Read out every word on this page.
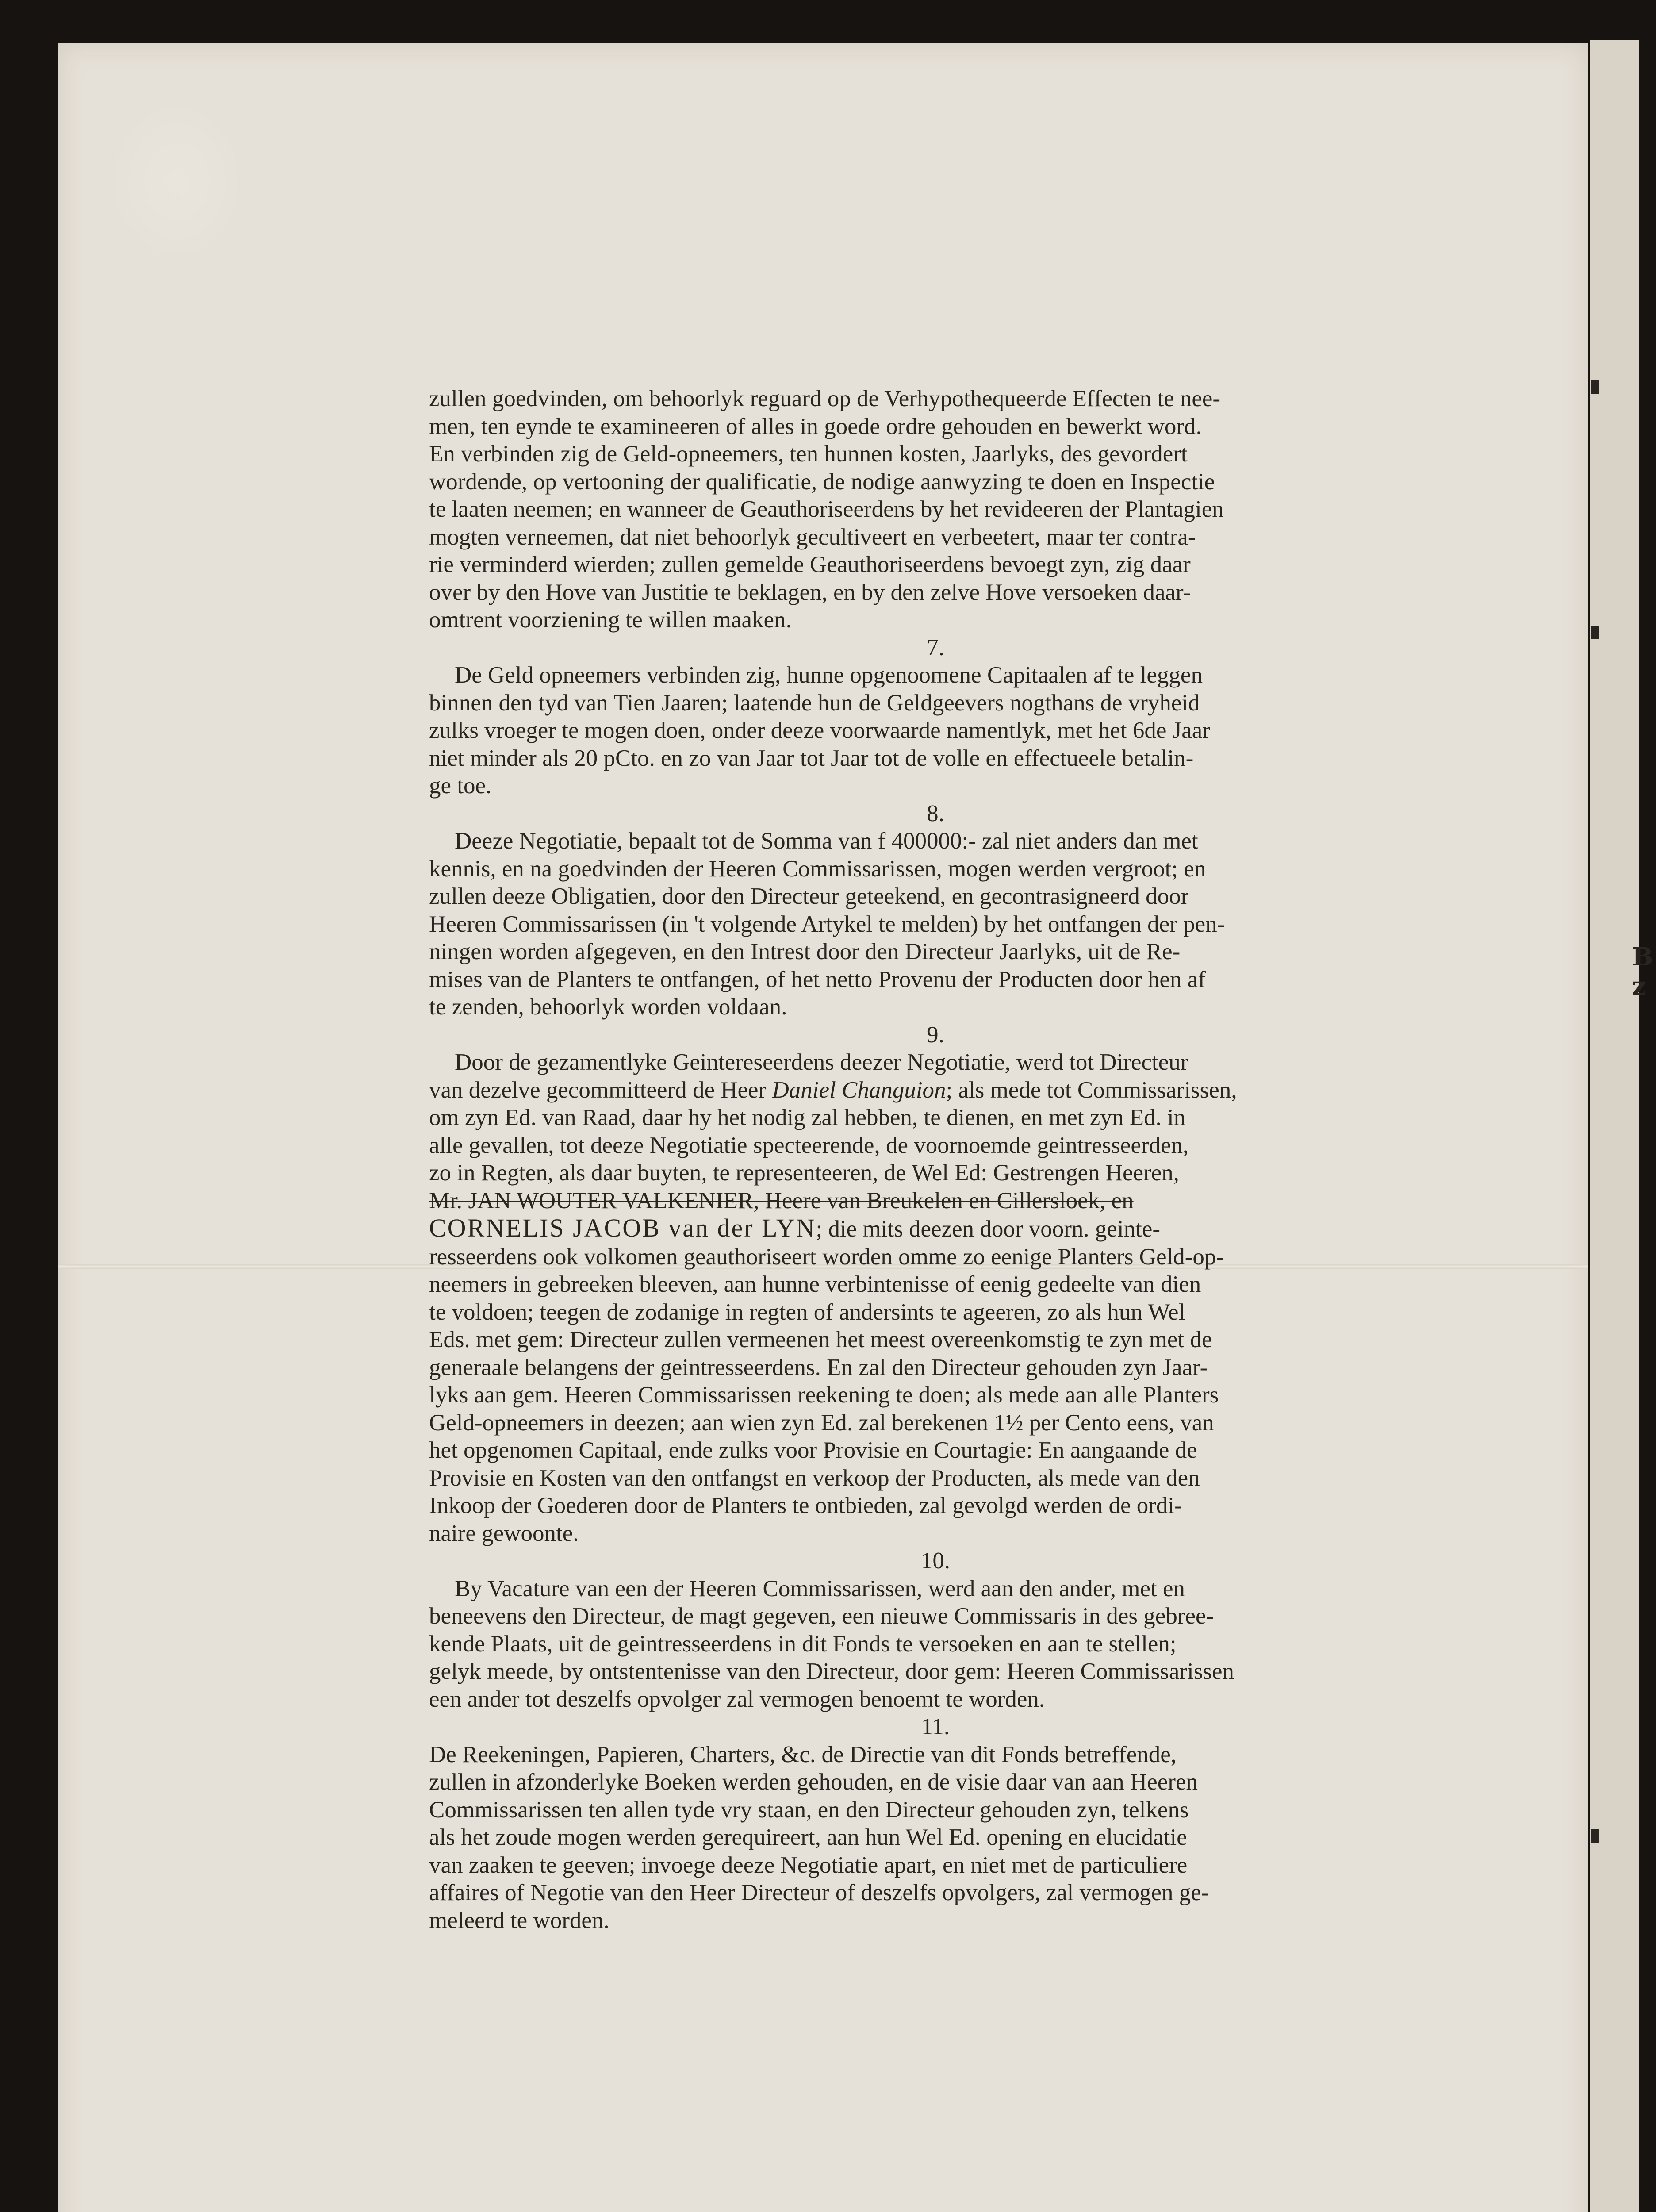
B
z

zullen goedvinden, om behoorlyk reguard op de Verhypothequeerde Effecten te nee-
men, ten eynde te examineeren of alles in goede ordre gehouden en bewerkt word.
En verbinden zig de Geld-opneemers, ten hunnen kosten, Jaarlyks, des gevordert
wordende, op vertooning der qualificatie, de nodige aanwyzing te doen en Inspectie
te laaten neemen; en wanneer de Geauthoriseerdens by het revideeren der Plantagien
mogten verneemen, dat niet behoorlyk gecultiveert en verbeetert, maar ter contra-
rie verminderd wierden; zullen gemelde Geauthoriseerdens bevoegt zyn, zig daar
over by den Hove van Justitie te beklagen, en by den zelve Hove versoeken daar-
omtrent voorziening te willen maaken.

7.

De Geld opneemers verbinden zig, hunne opgenoomene Capitaalen af te leggen
binnen den tyd van Tien Jaaren; laatende hun de Geldgeevers nogthans de vryheid
zulks vroeger te mogen doen, onder deeze voorwaarde namentlyk, met het 6de Jaar
niet minder als 20 pCto. en zo van Jaar tot Jaar tot de volle en effectueele betalin-
ge toe.

8.

Deeze Negotiatie, bepaalt tot de Somma van f 400000:- zal niet anders dan met
kennis, en na goedvinden der Heeren Commissarissen, mogen werden vergroot; en
zullen deeze Obligatien, door den Directeur geteekend, en gecontrasigneerd door
Heeren Commissarissen (in 't volgende Artykel te melden) by het ontfangen der pen-
ningen worden afgegeven, en den Intrest door den Directeur Jaarlyks, uit de Re-
mises van de Planters te ontfangen, of het netto Provenu der Producten door hen af
te zenden, behoorlyk worden voldaan.

9.

Door de gezamentlyke Geintereseerdens deezer Negotiatie, werd tot Directeur
van dezelve gecommitteerd de Heer Daniel Changuion; als mede tot Commissarissen,
om zyn Ed. van Raad, daar hy het nodig zal hebben, te dienen, en met zyn Ed. in
alle gevallen, tot deeze Negotiatie specteerende, de voornoemde geintresseerden,
zo in Regten, als daar buyten, te representeeren, de Wel Ed: Gestrengen Heeren,
Mr. JAN WOUTER VALKENIER, Heere van Breukelen en Cillersloek, en
CORNELIS JACOB van der LYN; die mits deezen door voorn. geinte-
resseerdens ook volkomen geauthoriseert worden omme zo eenige Planters Geld-op-
neemers in gebreeken bleeven, aan hunne verbintenisse of eenig gedeelte van dien
te voldoen; teegen de zodanige in regten of andersints te ageeren, zo als hun Wel
Eds. met gem: Directeur zullen vermeenen het meest overeenkomstig te zyn met de
generaale belangens der geintresseerdens. En zal den Directeur gehouden zyn Jaar-
lyks aan gem. Heeren Commissarissen reekening te doen; als mede aan alle Planters
Geld-opneemers in deezen; aan wien zyn Ed. zal berekenen 1½ per Cento eens, van
het opgenomen Capitaal, ende zulks voor Provisie en Courtagie: En aangaande de
Provisie en Kosten van den ontfangst en verkoop der Producten, als mede van den
Inkoop der Goederen door de Planters te ontbieden, zal gevolgd werden de ordi-
naire gewoonte.

10.

By Vacature van een der Heeren Commissarissen, werd aan den ander, met en
beneevens den Directeur, de magt gegeven, een nieuwe Commissaris in des gebree-
kende Plaats, uit de geintresseerdens in dit Fonds te versoeken en aan te stellen;
gelyk meede, by ontstentenisse van den Directeur, door gem: Heeren Commissarissen
een ander tot deszelfs opvolger zal vermogen benoemt te worden.

11.

De Reekeningen, Papieren, Charters, &c. de Directie van dit Fonds betreffende,
zullen in afzonderlyke Boeken werden gehouden, en de visie daar van aan Heeren
Commissarissen ten allen tyde vry staan, en den Directeur gehouden zyn, telkens
als het zoude mogen werden gerequireert, aan hun Wel Ed. opening en elucidatie
van zaaken te geeven; invoege deeze Negotiatie apart, en niet met de particuliere
affaires of Negotie van den Heer Directeur of deszelfs opvolgers, zal vermogen ge-
meleerd te worden.
